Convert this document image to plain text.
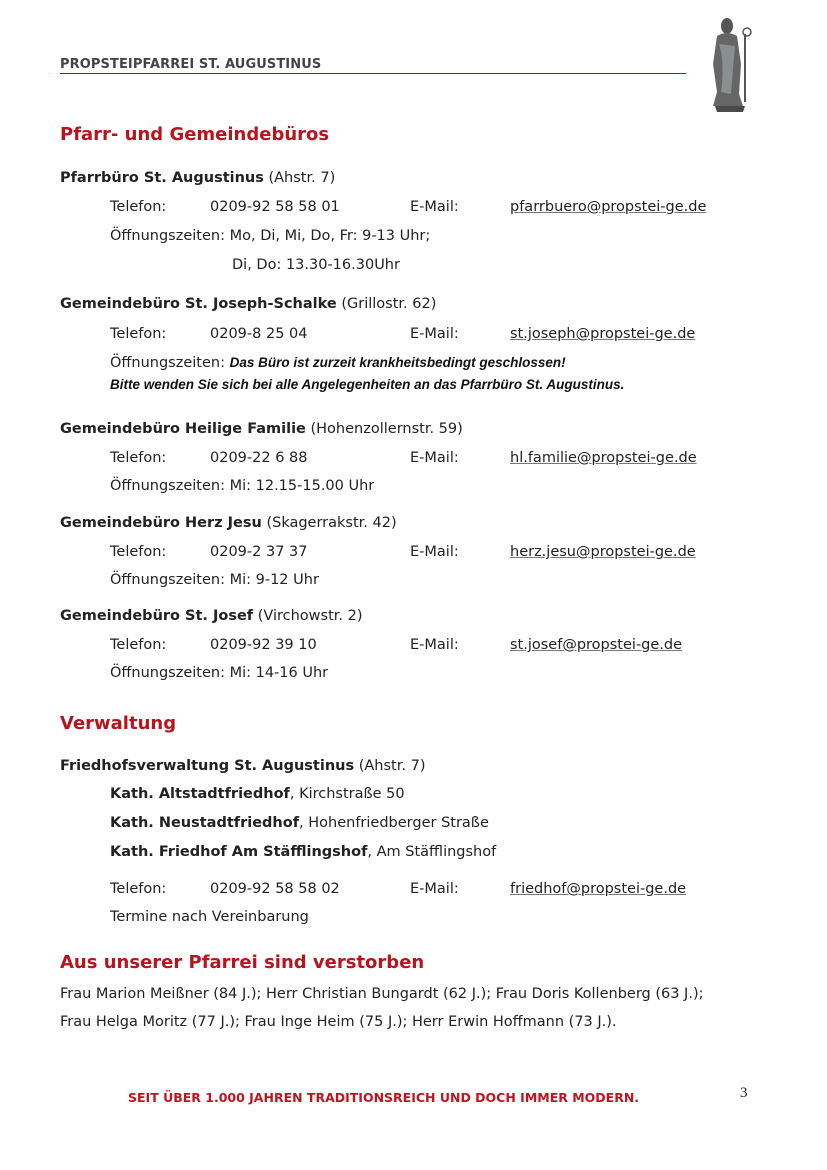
PROPSTEIPFARREI ST. AUGUSTINUS
Pfarr- und Gemeindebüros
Pfarrbüro St. Augustinus (Ahstr. 7)
Telefon:	0209-92 58 58 01	E-Mail:	pfarrbuero@propstei-ge.de
Öffnungszeiten: Mo, Di, Mi, Do, Fr: 9-13 Uhr;
Di, Do: 13.30-16.30Uhr
Gemeindebüro St. Joseph-Schalke (Grillostr. 62)
Telefon:	0209-8 25 04	E-Mail:	st.joseph@propstei-ge.de
Öffnungszeiten: Das Büro ist zurzeit krankheitsbedingt geschlossen!
Bitte wenden Sie sich bei alle Angelegenheiten an das Pfarrbüro St. Augustinus.
Gemeindebüro Heilige Familie (Hohenzollernstr. 59)
Telefon:	0209-22 6 88	E-Mail:	hl.familie@propstei-ge.de
Öffnungszeiten: Mi: 12.15-15.00 Uhr
Gemeindebüro Herz Jesu (Skagerrakstr. 42)
Telefon:	0209-2 37 37	E-Mail:	herz.jesu@propstei-ge.de
Öffnungszeiten: Mi: 9-12 Uhr
Gemeindebüro St. Josef (Virchowstr. 2)
Telefon:	0209-92 39 10	E-Mail:	st.josef@propstei-ge.de
Öffnungszeiten: Mi: 14-16 Uhr
Verwaltung
Friedhofsverwaltung St. Augustinus (Ahstr. 7)
Kath. Altstadtfriedhof, Kirchstraße 50
Kath. Neustadtfriedhof, Hohenfriedberger Straße
Kath. Friedhof Am Stäfflingshof, Am Stäfflingshof
Telefon:	0209-92 58 58 02	E-Mail:	friedhof@propstei-ge.de
Termine nach Vereinbarung
Aus unserer Pfarrei sind verstorben
Frau Marion Meißner (84 J.); Herr Christian Bungardt (62 J.); Frau Doris Kollenberg (63 J.);
Frau Helga Moritz (77 J.); Frau Inge Heim (75 J.); Herr Erwin Hoffmann (73 J.).
SEIT ÜBER 1.000 JAHREN TRADITIONSREICH UND DOCH IMMER MODERN.	3
